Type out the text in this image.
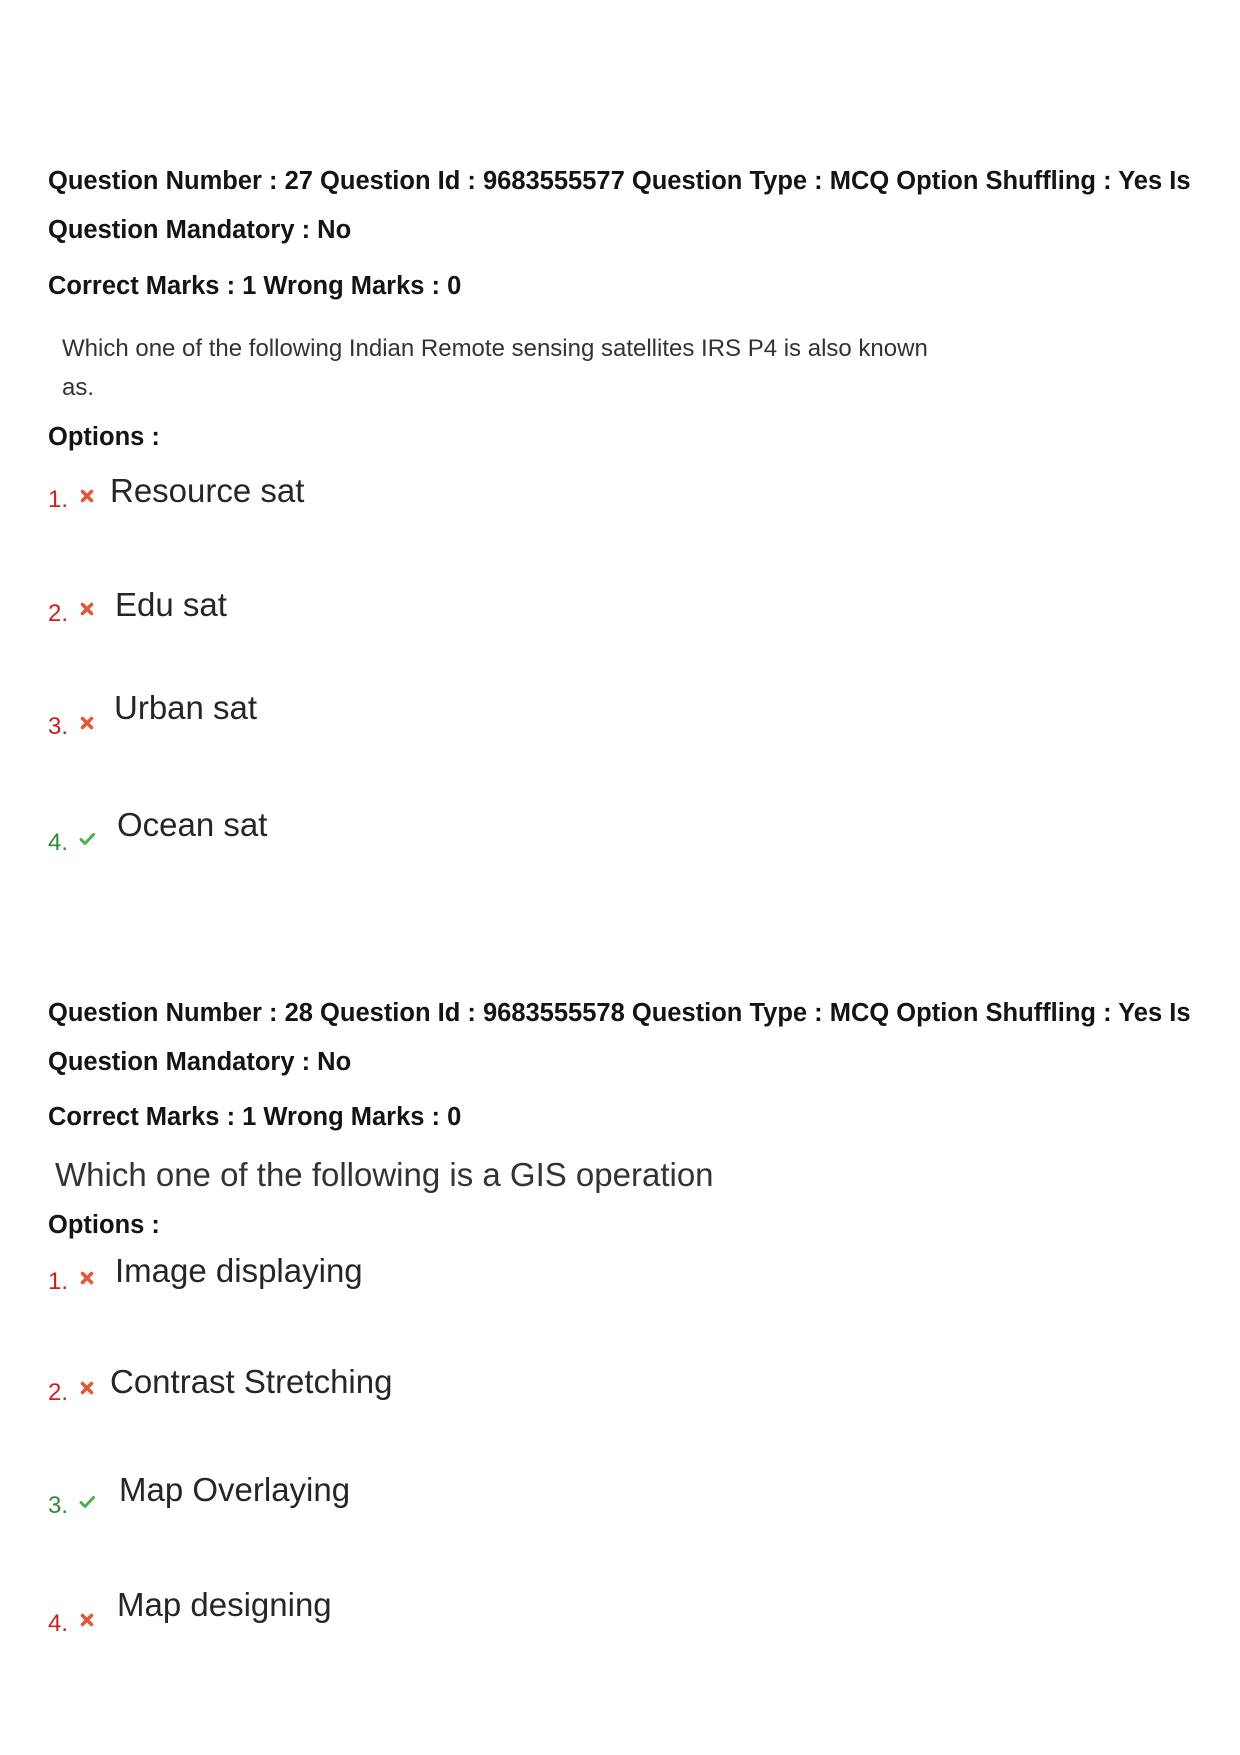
Question Number : 27 Question Id : 9683555577 Question Type : MCQ Option Shuffling : Yes Is
Question Mandatory : No
Correct Marks : 1 Wrong Marks : 0
Which one of the following Indian Remote sensing satellites IRS P4 is also known as.
Options :
1. Resource sat
2. Edu sat
3.
Urban sat
4. Ocean sat
Question Number : 28 Question Id : 9683555578 Question Type : MCQ Option Shuffling : Yes Is
Question Mandatory : No
Correct Marks : 1 Wrong Marks : 0
Which one of the following is a GIS operation
Options :
1. Image displaying
2. Contrast Stretching
3. Map Overlaying
4.
Map designing
